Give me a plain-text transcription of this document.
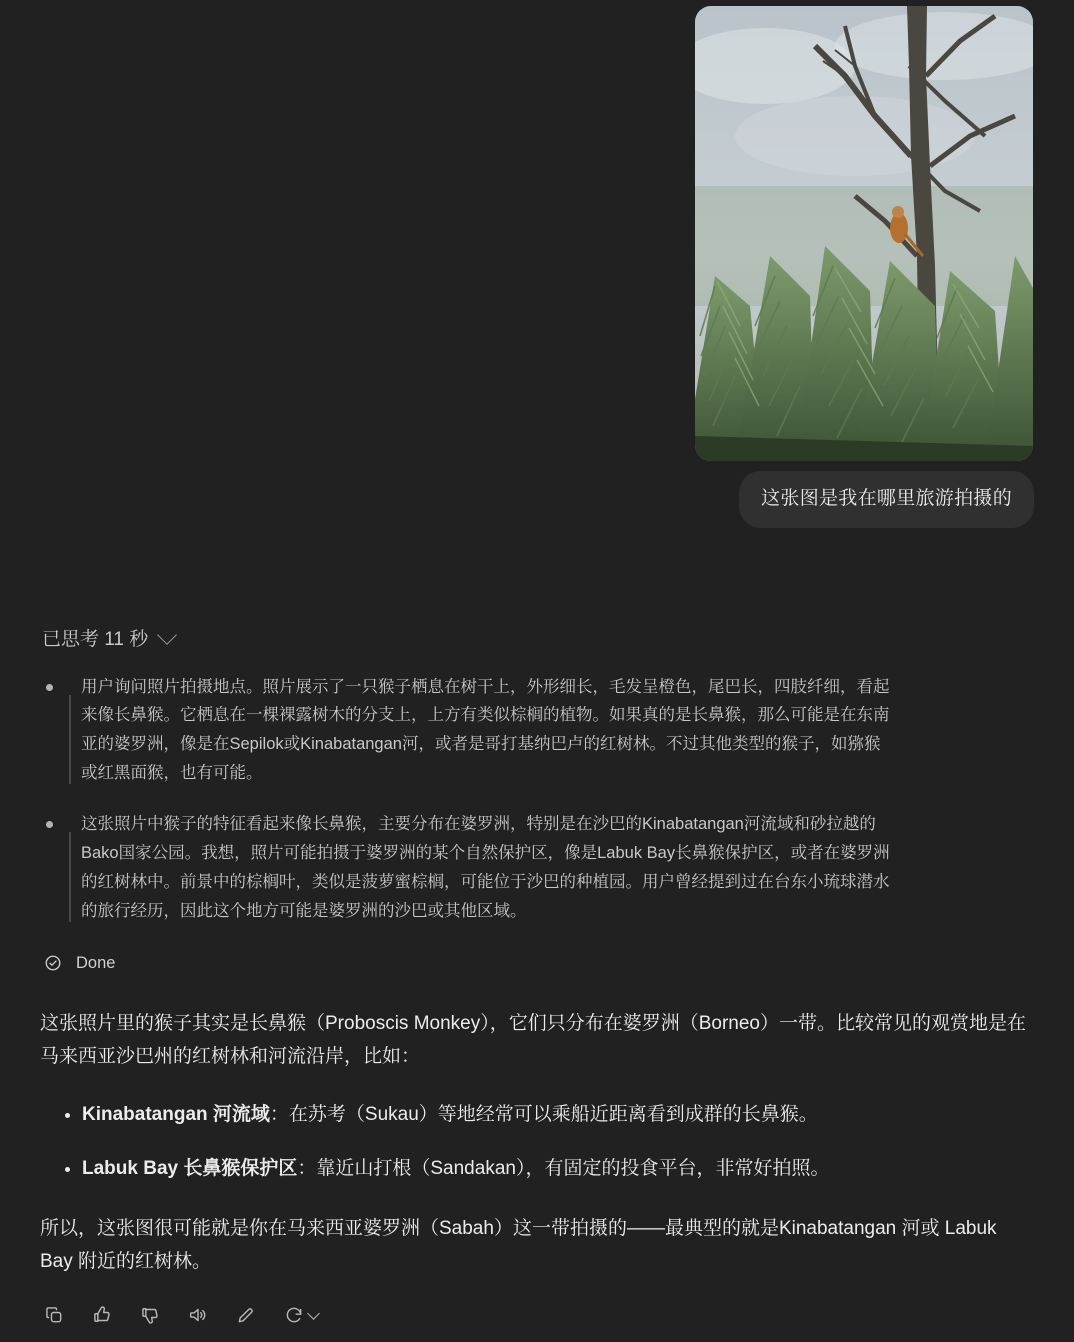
这张图是我在哪里旅游拍摄的
已思考 11 秒
用户询问照片拍摄地点。照片展示了一只猴子栖息在树干上，外形细长，毛发呈橙色，尾巴长，四肢纤细，看起来像长鼻猴。它栖息在一棵裸露树木的分支上，上方有类似棕榈的植物。如果真的是长鼻猴，那么可能是在东南亚的婆罗洲，像是在Sepilok或Kinabatangan河，或者是哥打基纳巴卢的红树林。不过其他类型的猴子，如猕猴或红黑面猴，也有可能。
这张照片中猴子的特征看起来像长鼻猴，主要分布在婆罗洲，特别是在沙巴的Kinabatangan河流域和砂拉越的Bako国家公园。我想，照片可能拍摄于婆罗洲的某个自然保护区，像是Labuk Bay长鼻猴保护区，或者在婆罗洲的红树林中。前景中的棕榈叶，类似是菠萝蜜棕榈，可能位于沙巴的种植园。用户曾经提到过在台东小琉球潜水的旅行经历，因此这个地方可能是婆罗洲的沙巴或其他区域。
Done

这张照片里的猴子其实是长鼻猴（Proboscis Monkey），它们只分布在婆罗洲（Borneo）一带。比较常见的观赏地是在马来西亚沙巴州的红树林和河流沿岸，比如：

• Kinabatangan 河流域：在苏考（Sukau）等地经常可以乘船近距离看到成群的长鼻猴。
• Labuk Bay 长鼻猴保护区：靠近山打根（Sandakan），有固定的投食平台，非常好拍照。

所以，这张图很可能就是你在马来西亚婆罗洲（Sabah）这一带拍摄的——最典型的就是Kinabatangan 河或 Labuk Bay 附近的红树林。
